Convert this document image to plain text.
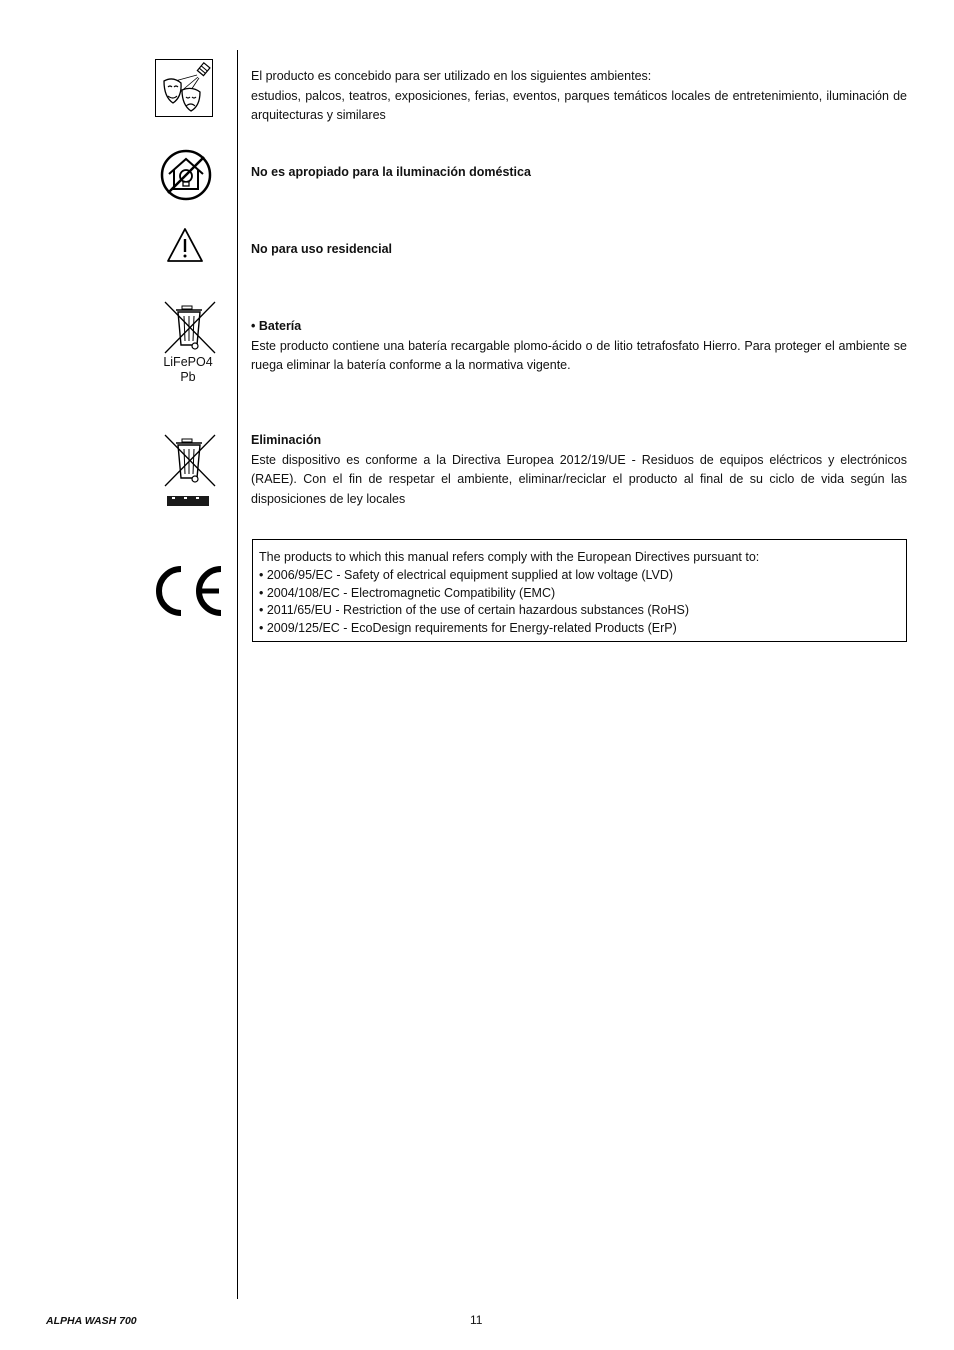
El producto es concebido para ser utilizado en los siguientes ambientes:
estudios, palcos, teatros, exposiciones, ferias, eventos, parques temáticos locales de entretenimiento, iluminación de arquitecturas y similares
No es apropiado para la iluminación doméstica
No para uso residencial
LiFePO4
Pb
• Batería
Este producto contiene una batería recargable plomo-ácido o de litio tetrafosfato Hierro. Para proteger el ambiente se ruega eliminar la batería conforme a la normativa vigente.
Eliminación
Este dispositivo es conforme a la Directiva Europea 2012/19/UE - Residuos de equipos eléctricos y electrónicos (RAEE). Con el fin de respetar el ambiente, eliminar/reciclar el producto al final de su ciclo de vida según las disposiciones de ley locales
The products to which this manual refers comply with the European Directives pursuant to:
• 2006/95/EC - Safety of electrical equipment supplied at low voltage (LVD)
• 2004/108/EC - Electromagnetic Compatibility (EMC)
• 2011/65/EU - Restriction of the use of certain hazardous substances (RoHS)
• 2009/125/EC - EcoDesign requirements for Energy-related Products (ErP)
ALPHA WASH 700	11
